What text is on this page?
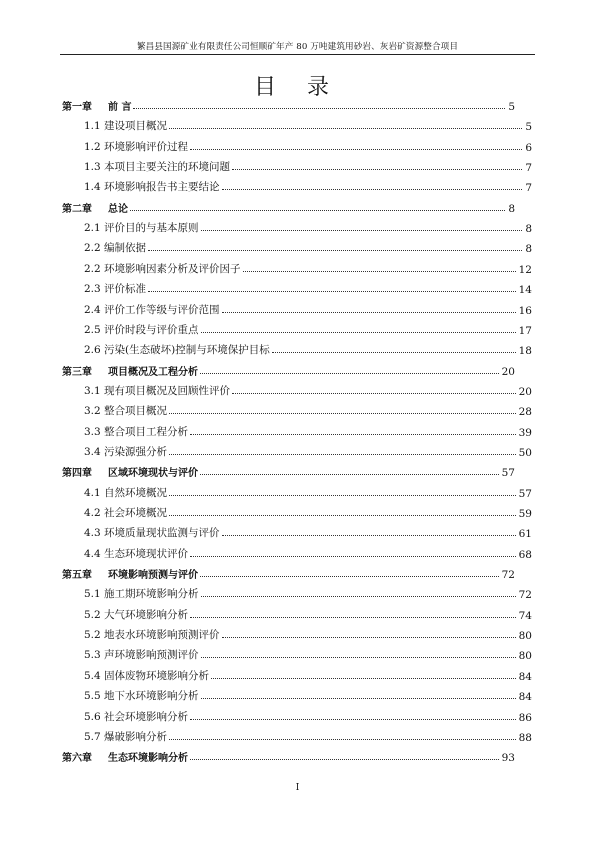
繁昌县国源矿业有限责任公司恒顺矿年产 80 万吨建筑用砂岩、灰岩矿资源整合项目
目 录
第一章 前 言	5
1.1 建设项目概况	5
1.2 环境影响评价过程	6
1.3 本项目主要关注的环境问题	7
1.4 环境影响报告书主要结论	7
第二章 总论	8
2.1 评价目的与基本原则	8
2.2 编制依据	8
2.2 环境影响因素分析及评价因子	12
2.3 评价标准	14
2.4 评价工作等级与评价范围	16
2.5 评价时段与评价重点	17
2.6 污染(生态破坏)控制与环境保护目标	18
第三章 项目概况及工程分析	20
3.1 现有项目概况及回顾性评价	20
3.2 整合项目概况	28
3.3 整合项目工程分析	39
3.4 污染源强分析	50
第四章 区域环境现状与评价	57
4.1 自然环境概况	57
4.2 社会环境概况	59
4.3 环境质量现状监测与评价	61
4.4 生态环境现状评价	68
第五章 环境影响预测与评价	72
5.1 施工期环境影响分析	72
5.2 大气环境影响分析	74
5.2 地表水环境影响预测评价	80
5.3 声环境影响预测评价	80
5.4 固体废物环境影响分析	84
5.5 地下水环境影响分析	84
5.6 社会环境影响分析	86
5.7 爆破影响分析	88
第六章 生态环境影响分析	93
I
